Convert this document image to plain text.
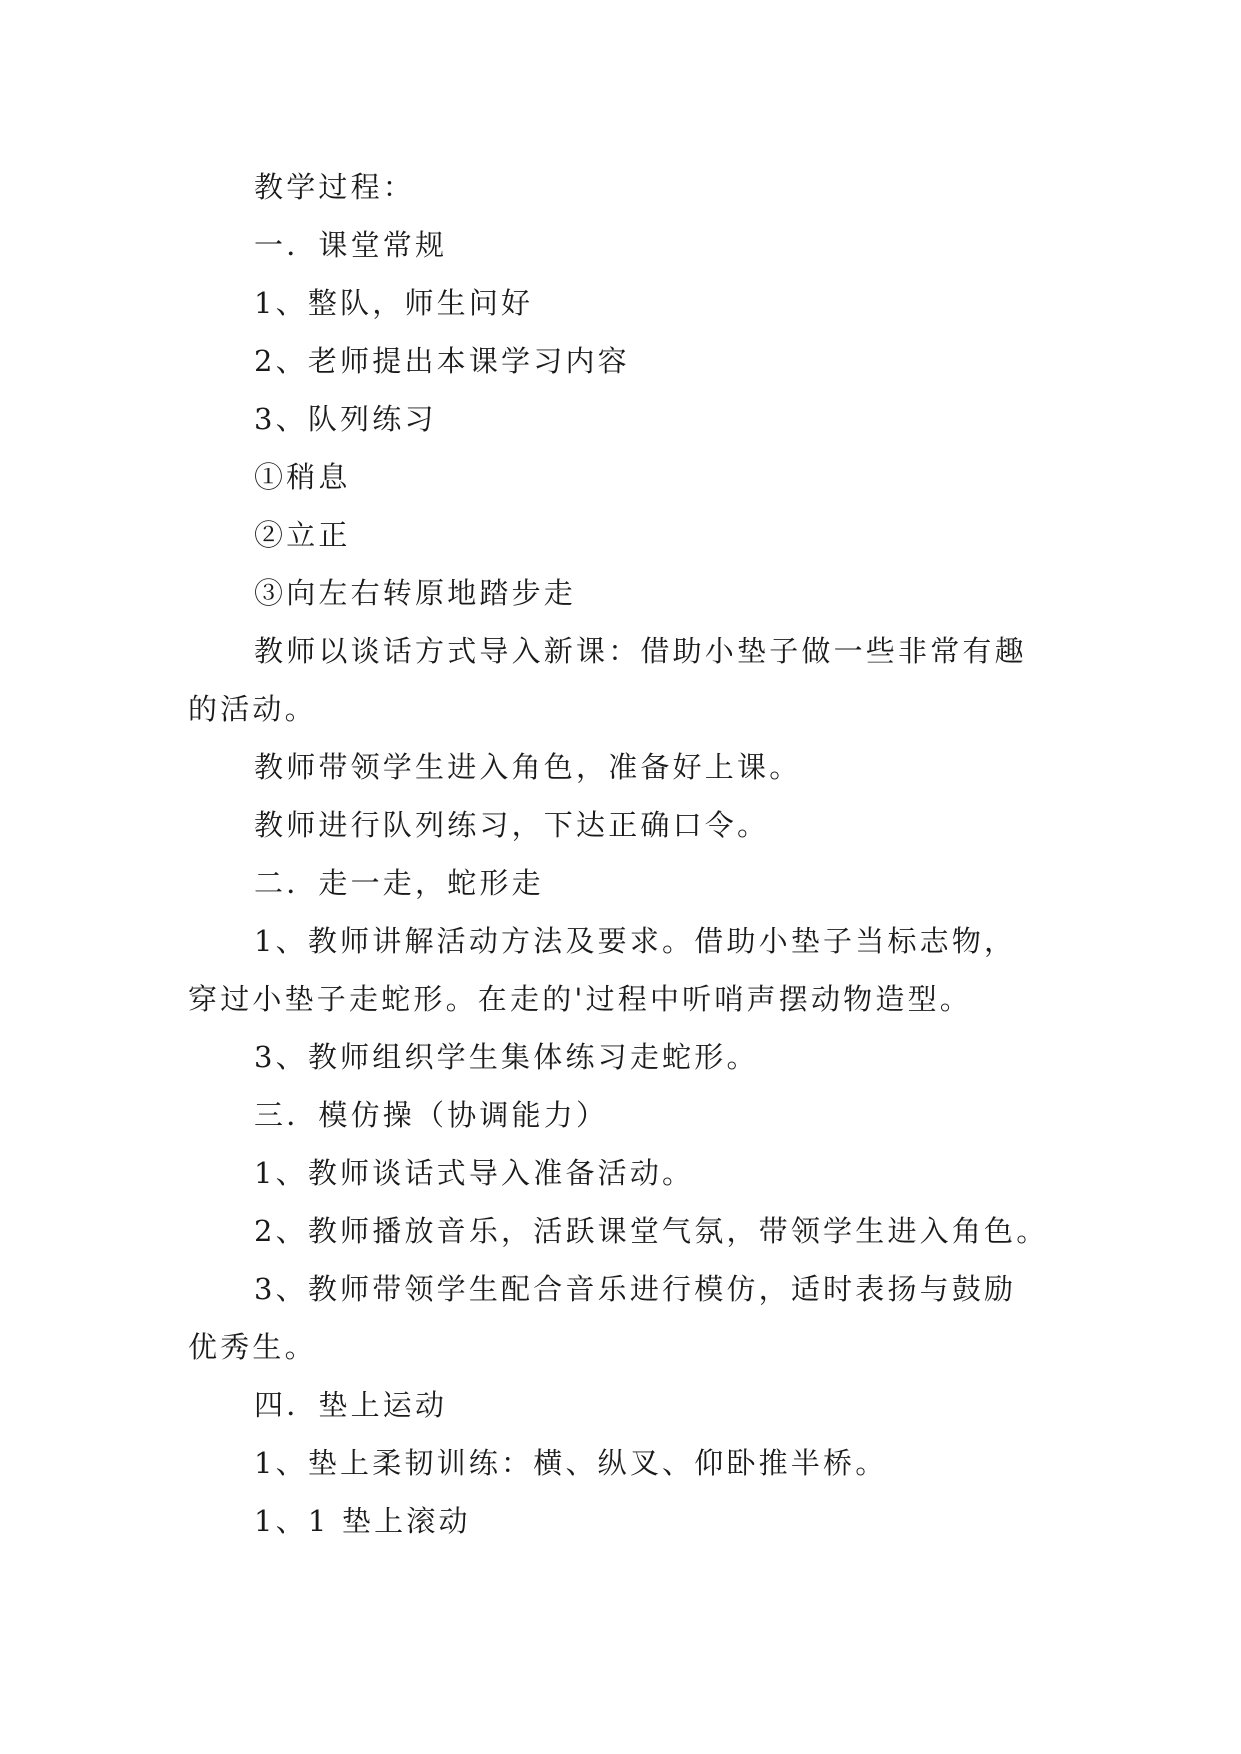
教学过程：
一．课堂常规
1、整队，师生问好
2、老师提出本课学习内容
3、队列练习
①稍息
②立正
③向左右转原地踏步走
教师以谈话方式导入新课：借助小垫子做一些非常有趣
的活动。
教师带领学生进入角色，准备好上课。
教师进行队列练习，下达正确口令。
二．走一走，蛇形走
1、教师讲解活动方法及要求。借助小垫子当标志物，
穿过小垫子走蛇形。在走的'过程中听哨声摆动物造型。
3、教师组织学生集体练习走蛇形。
三．模仿操（协调能力）
1、教师谈话式导入准备活动。
2、教师播放音乐，活跃课堂气氛，带领学生进入角色。
3、教师带领学生配合音乐进行模仿，适时表扬与鼓励
优秀生。
四．垫上运动
1、垫上柔韧训练：横、纵叉、仰卧推半桥。
1、1 垫上滚动
